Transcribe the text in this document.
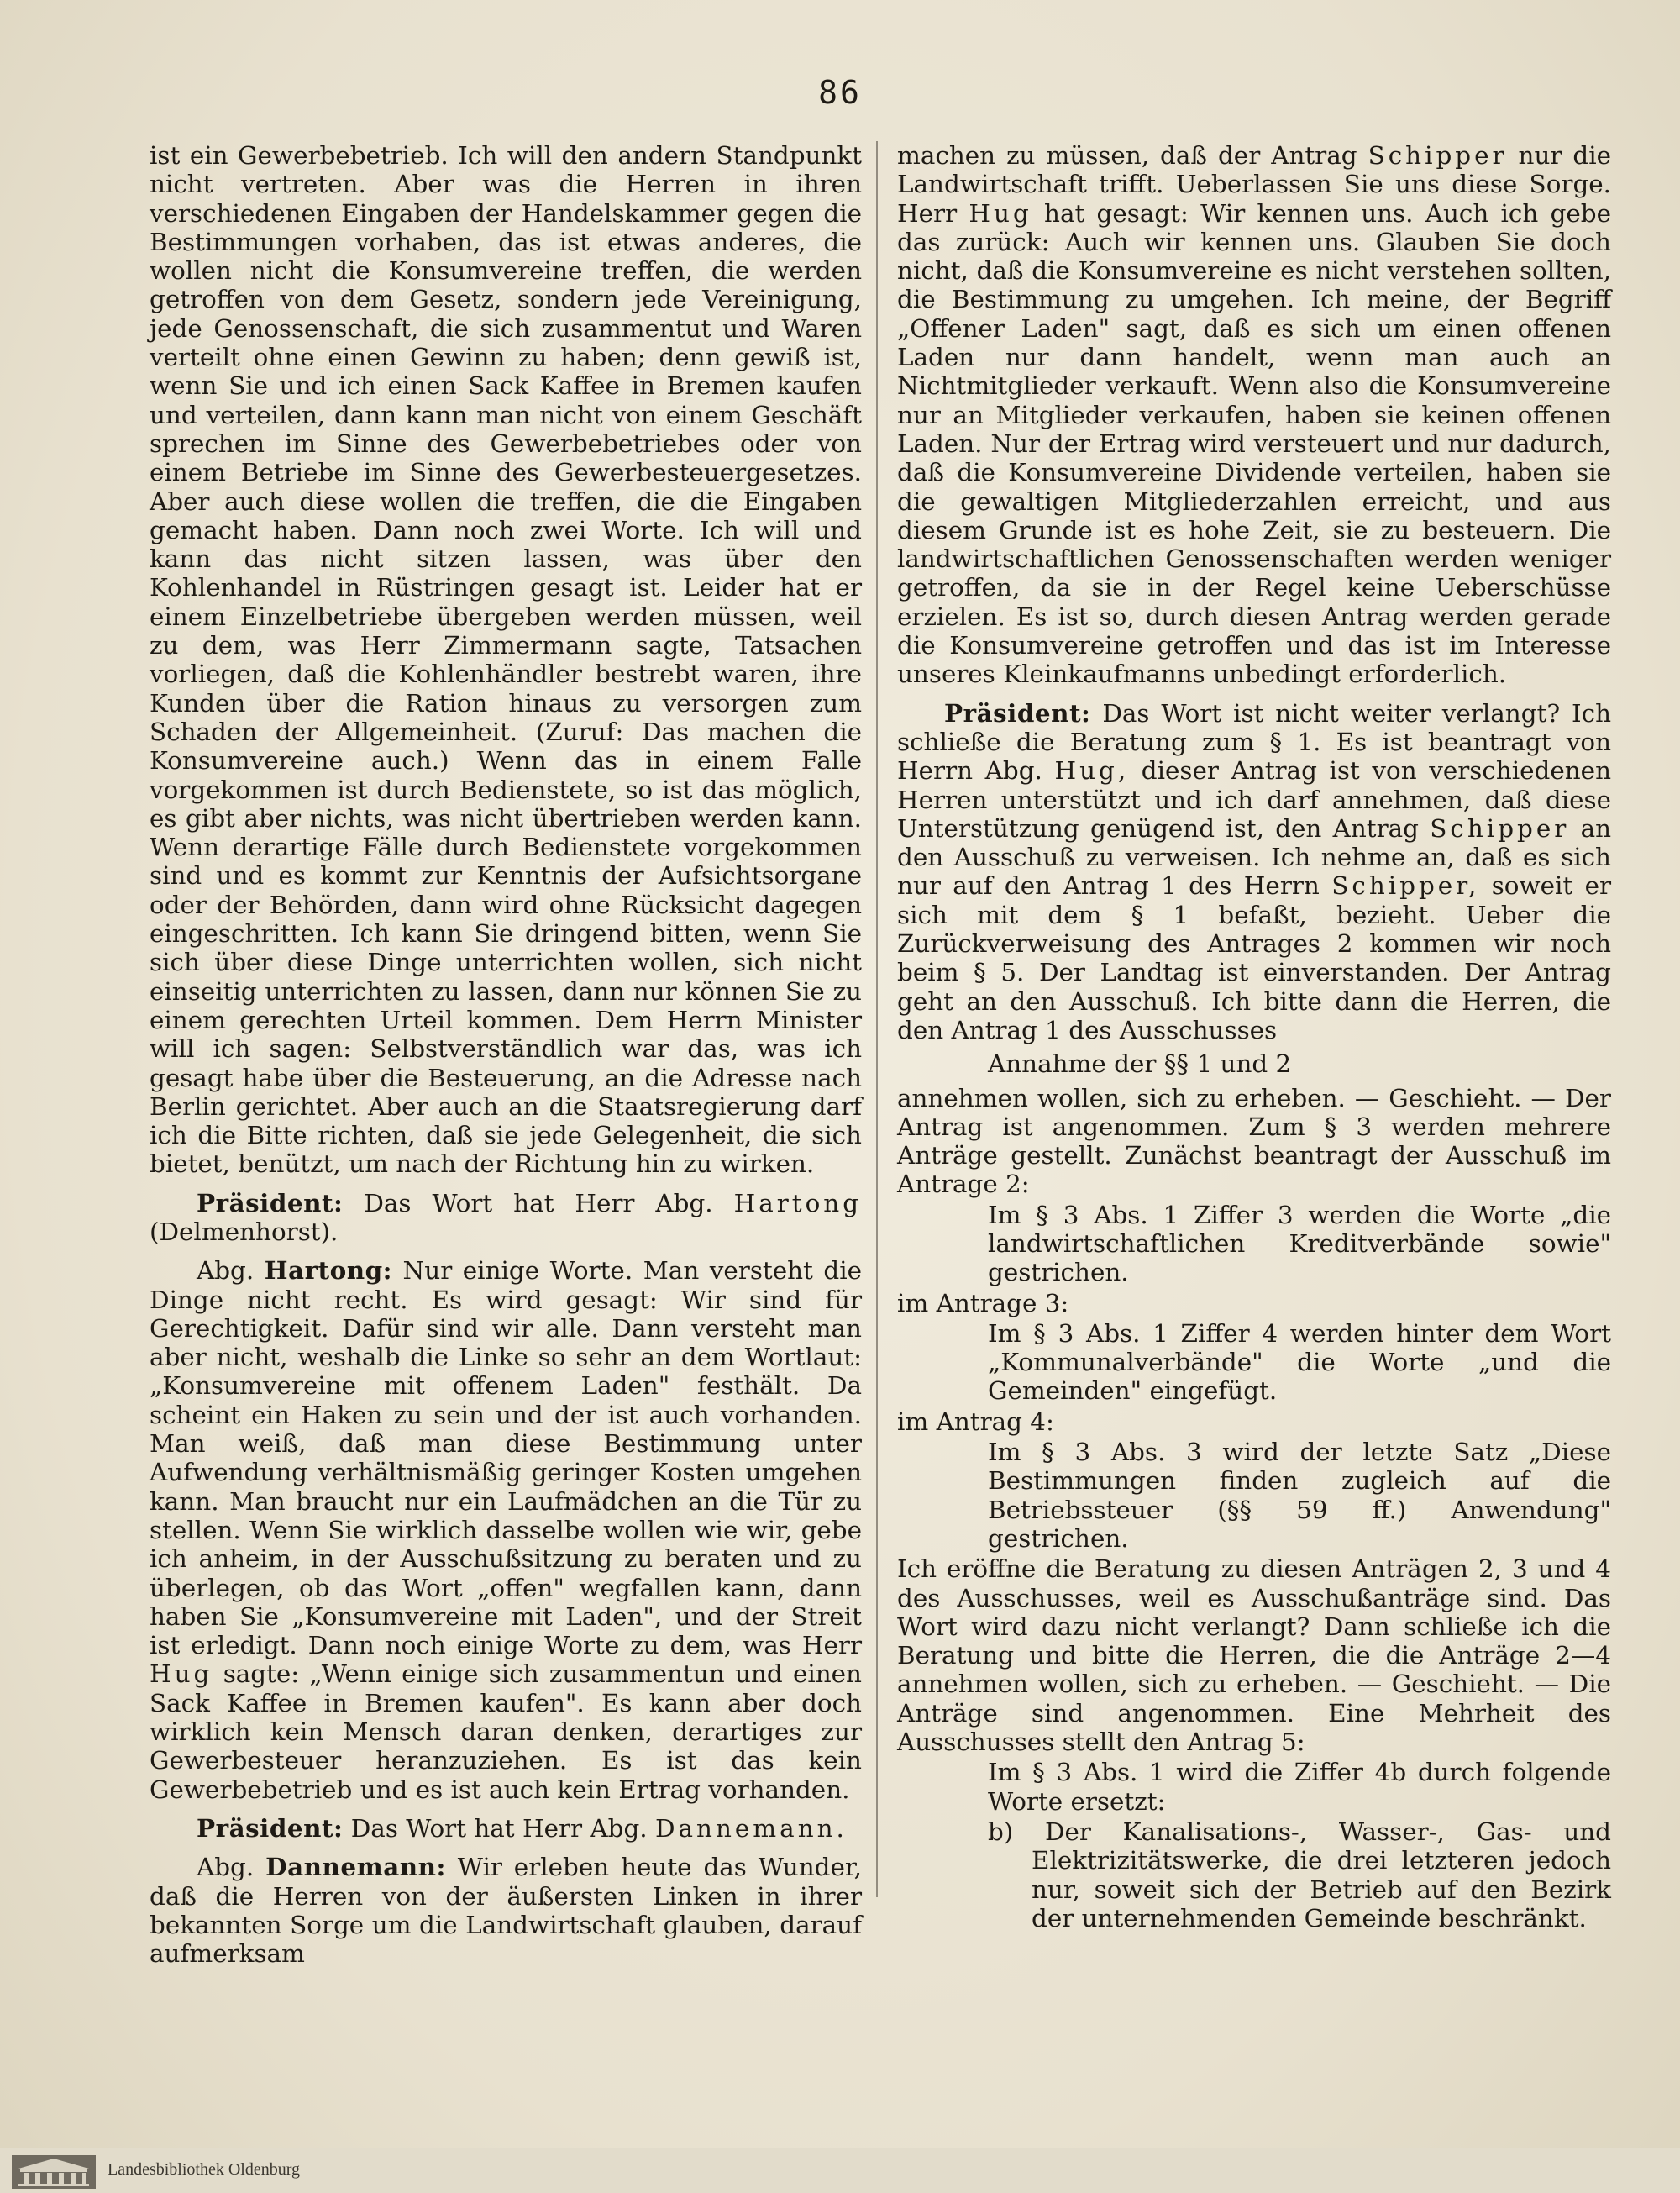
86

ist ein Gewerbebetrieb. Ich will den andern Standpunkt nicht vertreten. Aber was die Herren in ihren verschiedenen Eingaben der Handelskammer gegen die Bestimmungen vorhaben, das ist etwas anderes, die wollen nicht die Konsumvereine treffen, die werden getroffen von dem Gesetz, sondern jede Vereinigung, jede Genossenschaft, die sich zusammentut und Waren verteilt ohne einen Gewinn zu haben; denn gewiß ist, wenn Sie und ich einen Sack Kaffee in Bremen kaufen und verteilen, dann kann man nicht von einem Geschäft sprechen im Sinne des Gewerbebetriebes oder von einem Betriebe im Sinne des Gewerbesteuergesetzes. Aber auch diese wollen die treffen, die die Eingaben gemacht haben. Dann noch zwei Worte. Ich will und kann das nicht sitzen lassen, was über den Kohlenhandel in Rüstringen gesagt ist. Leider hat er einem Einzelbetriebe übergeben werden müssen, weil zu dem, was Herr Zimmermann sagte, Tatsachen vorliegen, daß die Kohlenhändler bestrebt waren, ihre Kunden über die Ration hinaus zu versorgen zum Schaden der Allgemeinheit. (Zuruf: Das machen die Konsumvereine auch.) Wenn das in einem Falle vorgekommen ist durch Bedienstete, so ist das möglich, es gibt aber nichts, was nicht übertrieben werden kann. Wenn derartige Fälle durch Bedienstete vorgekommen sind und es kommt zur Kenntnis der Aufsichtsorgane oder der Behörden, dann wird ohne Rücksicht dagegen eingeschritten. Ich kann Sie dringend bitten, wenn Sie sich über diese Dinge unterrichten wollen, sich nicht einseitig unterrichten zu lassen, dann nur können Sie zu einem gerechten Urteil kommen. Dem Herrn Minister will ich sagen: Selbstverständlich war das, was ich gesagt habe über die Besteuerung, an die Adresse nach Berlin gerichtet. Aber auch an die Staatsregierung darf ich die Bitte richten, daß sie jede Gelegenheit, die sich bietet, benützt, um nach der Richtung hin zu wirken.

Präsident: Das Wort hat Herr Abg. Hartong (Delmenhorst).

Abg. Hartong: Nur einige Worte. Man versteht die Dinge nicht recht. Es wird gesagt: Wir sind für Gerechtigkeit. Dafür sind wir alle. Dann versteht man aber nicht, weshalb die Linke so sehr an dem Wortlaut: „Konsumvereine mit offenem Laden" festhält. Da scheint ein Haken zu sein und der ist auch vorhanden. Man weiß, daß man diese Bestimmung unter Aufwendung verhältnismäßig geringer Kosten umgehen kann. Man braucht nur ein Laufmädchen an die Tür zu stellen. Wenn Sie wirklich dasselbe wollen wie wir, gebe ich anheim, in der Ausschußsitzung zu beraten und zu überlegen, ob das Wort „offen" wegfallen kann, dann haben Sie „Konsumvereine mit Laden", und der Streit ist erledigt. Dann noch einige Worte zu dem, was Herr Hug sagte: „Wenn einige sich zusammentun und einen Sack Kaffee in Bremen kaufen". Es kann aber doch wirklich kein Mensch daran denken, derartiges zur Gewerbesteuer heranzuziehen. Es ist das kein Gewerbebetrieb und es ist auch kein Ertrag vorhanden.

Präsident: Das Wort hat Herr Abg. Dannemann.

Abg. Dannemann: Wir erleben heute das Wunder, daß die Herren von der äußersten Linken in ihrer bekannten Sorge um die Landwirtschaft glauben, darauf aufmerksam

machen zu müssen, daß der Antrag Schipper nur die Landwirtschaft trifft. Ueberlassen Sie uns diese Sorge. Herr Hug hat gesagt: Wir kennen uns. Auch ich gebe das zurück: Auch wir kennen uns. Glauben Sie doch nicht, daß die Konsumvereine es nicht verstehen sollten, die Bestimmung zu umgehen. Ich meine, der Begriff „Offener Laden" sagt, daß es sich um einen offenen Laden nur dann handelt, wenn man auch an Nichtmitglieder verkauft. Wenn also die Konsumvereine nur an Mitglieder verkaufen, haben sie keinen offenen Laden. Nur der Ertrag wird versteuert und nur dadurch, daß die Konsumvereine Dividende verteilen, haben sie die gewaltigen Mitgliederzahlen erreicht, und aus diesem Grunde ist es hohe Zeit, sie zu besteuern. Die landwirtschaftlichen Genossenschaften werden weniger getroffen, da sie in der Regel keine Ueberschüsse erzielen. Es ist so, durch diesen Antrag werden gerade die Konsumvereine getroffen und das ist im Interesse unseres Kleinkaufmanns unbedingt erforderlich.

Präsident: Das Wort ist nicht weiter verlangt? Ich schließe die Beratung zum § 1. Es ist beantragt von Herrn Abg. Hug, dieser Antrag ist von verschiedenen Herren unterstützt und ich darf annehmen, daß diese Unterstützung genügend ist, den Antrag Schipper an den Ausschuß zu verweisen. Ich nehme an, daß es sich nur auf den Antrag 1 des Herrn Schipper, soweit er sich mit dem § 1 befaßt, bezieht. Ueber die Zurückverweisung des Antrages 2 kommen wir noch beim § 5. Der Landtag ist einverstanden. Der Antrag geht an den Ausschuß. Ich bitte dann die Herren, die den Antrag 1 des Ausschusses

Annahme der §§ 1 und 2

annehmen wollen, sich zu erheben. — Geschieht. — Der Antrag ist angenommen. Zum § 3 werden mehrere Anträge gestellt. Zunächst beantragt der Ausschuß im Antrage 2:

Im § 3 Abs. 1 Ziffer 3 werden die Worte „die landwirtschaftlichen Kreditverbände sowie" gestrichen.

im Antrage 3:

Im § 3 Abs. 1 Ziffer 4 werden hinter dem Wort „Kommunalverbände" die Worte „und die Gemeinden" eingefügt.

im Antrag 4:

Im § 3 Abs. 3 wird der letzte Satz „Diese Bestimmungen finden zugleich auf die Betriebssteuer (§§ 59 ff.) Anwendung" gestrichen.

Ich eröffne die Beratung zu diesen Anträgen 2, 3 und 4 des Ausschusses, weil es Ausschußanträge sind. Das Wort wird dazu nicht verlangt? Dann schließe ich die Beratung und bitte die Herren, die die Anträge 2—4 annehmen wollen, sich zu erheben. — Geschieht. — Die Anträge sind angenommen. Eine Mehrheit des Ausschusses stellt den Antrag 5:

Im § 3 Abs. 1 wird die Ziffer 4b durch folgende Worte ersetzt:

b) Der Kanalisations-, Wasser-, Gas- und Elektrizitätswerke, die drei letzteren jedoch nur, soweit sich der Betrieb auf den Bezirk der unternehmenden Gemeinde beschränkt.

Landesbibliothek Oldenburg
